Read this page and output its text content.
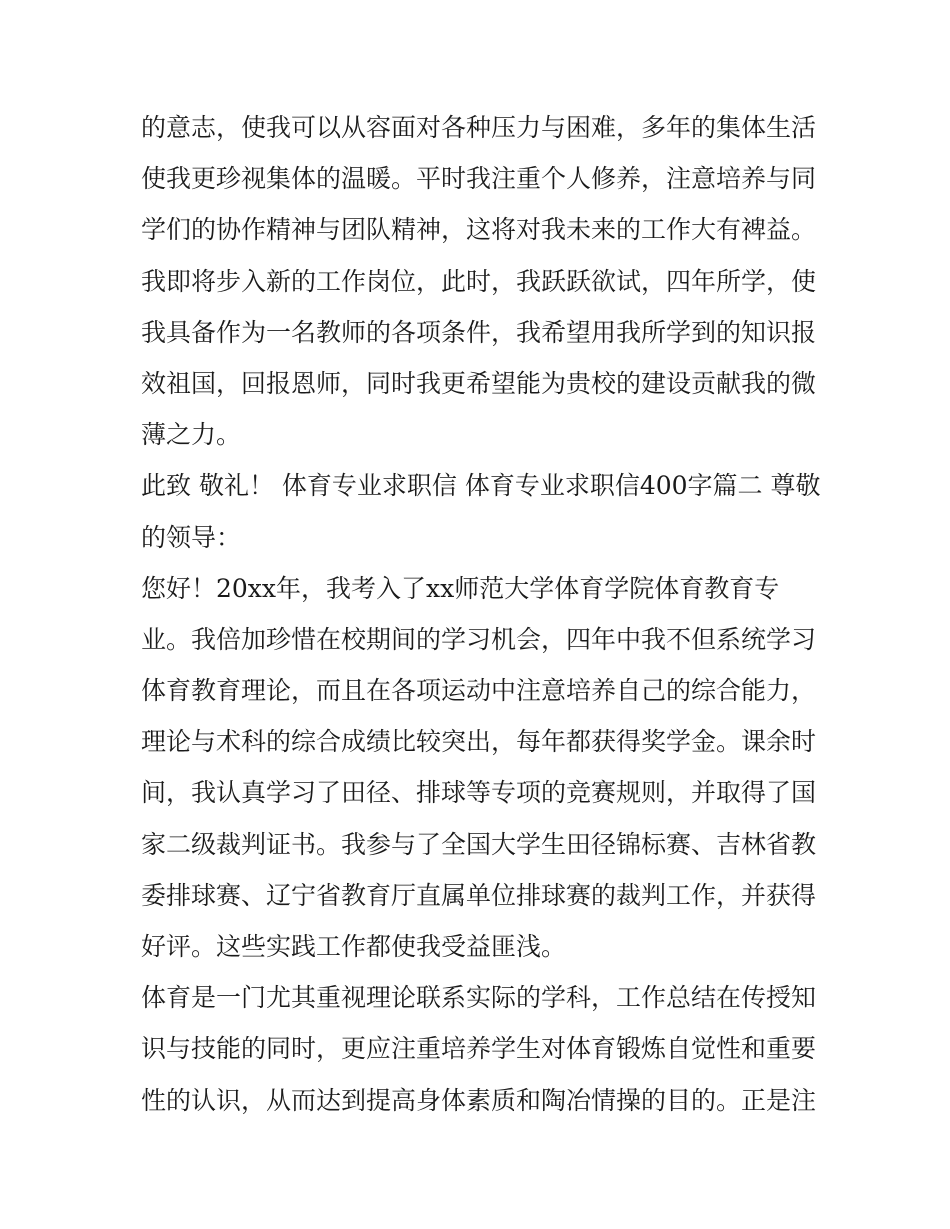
的意志，使我可以从容面对各种压力与困难，多年的集体生活
使我更珍视集体的温暖。平时我注重个人修养，注意培养与同
学们的协作精神与团队精神，这将对我未来的工作大有裨益。
我即将步入新的工作岗位，此时，我跃跃欲试，四年所学，使
我具备作为一名教师的各项条件，我希望用我所学到的知识报
效祖国，回报恩师，同时我更希望能为贵校的建设贡献我的微
薄之力。
此致 敬礼！ 体育专业求职信 体育专业求职信400字篇二 尊敬
的领导：
您好！20xx年，我考入了xx师范大学体育学院体育教育专
业。我倍加珍惜在校期间的学习机会，四年中我不但系统学习
体育教育理论，而且在各项运动中注意培养自己的综合能力，
理论与术科的综合成绩比较突出，每年都获得奖学金。课余时
间，我认真学习了田径、排球等专项的竞赛规则，并取得了国
家二级裁判证书。我参与了全国大学生田径锦标赛、吉林省教
委排球赛、辽宁省教育厅直属单位排球赛的裁判工作，并获得
好评。这些实践工作都使我受益匪浅。
体育是一门尤其重视理论联系实际的学科，工作总结在传授知
识与技能的同时，更应注重培养学生对体育锻炼自觉性和重要
性的认识，从而达到提高身体素质和陶冶情操的目的。正是注
